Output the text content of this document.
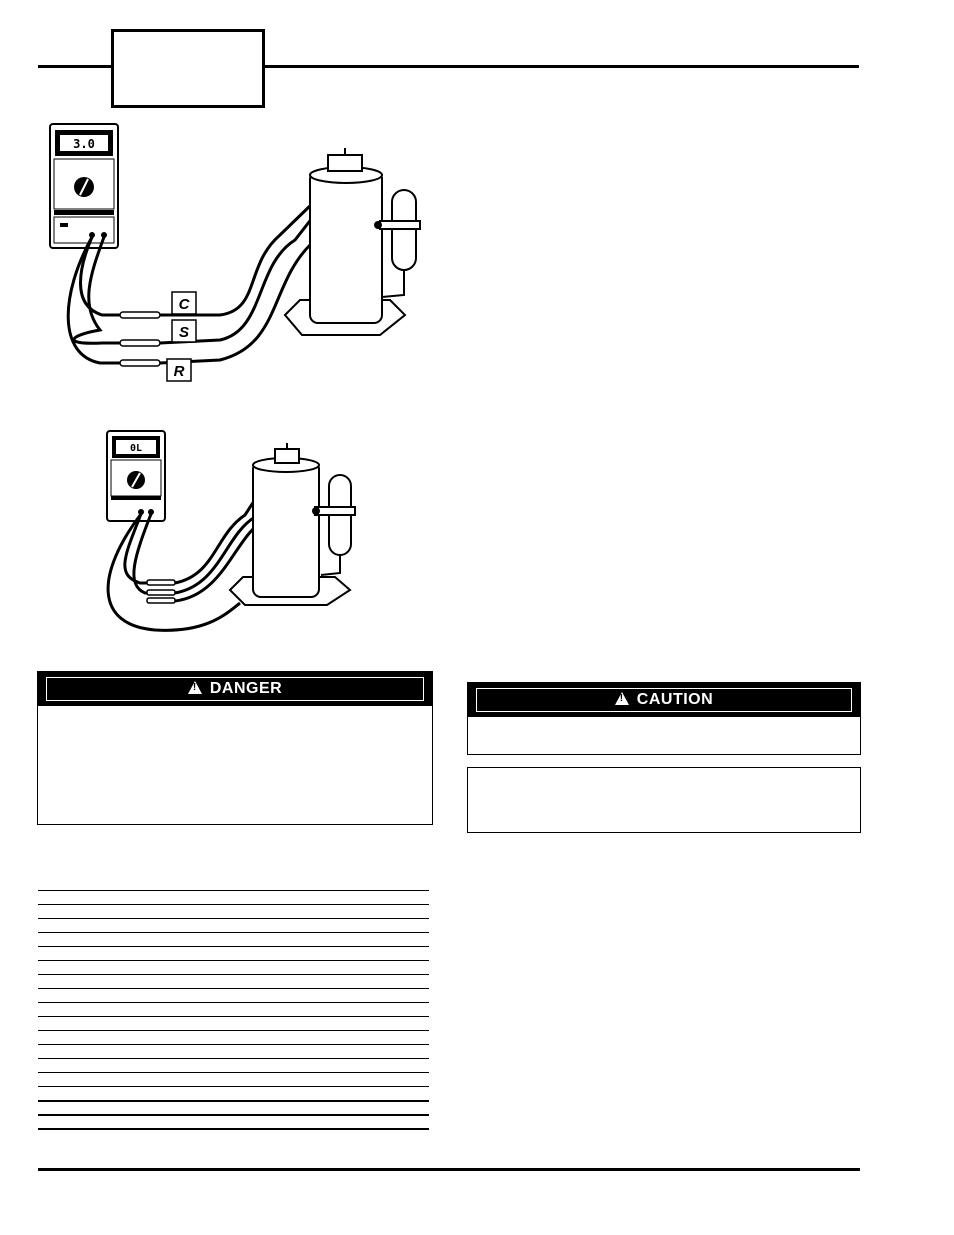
3.0
C
S
R
0L
!DANGER
!CAUTION
